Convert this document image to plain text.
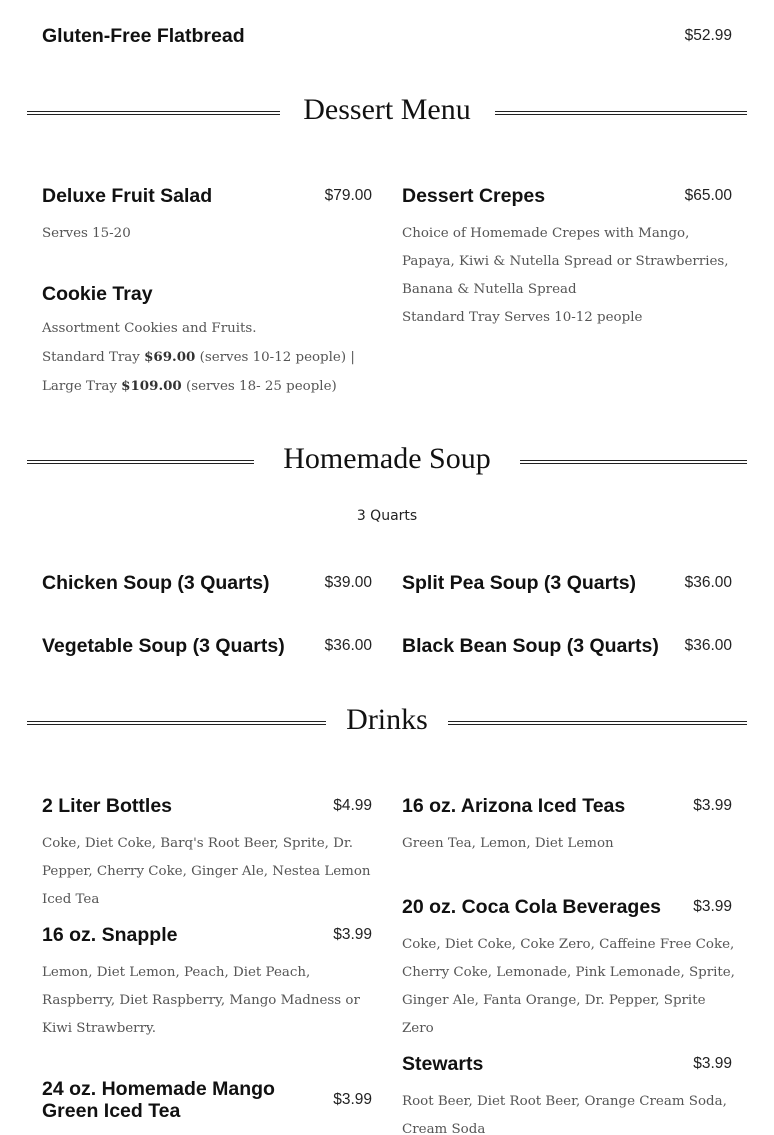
Gluten-Free Flatbread	$52.99
Dessert Menu
Deluxe Fruit Salad	$79.00
Serves 15-20
Cookie Tray
Assortment Cookies and Fruits.
Standard Tray $69.00 (serves 10-12 people) | Large Tray $109.00 (serves 18- 25 people)
Dessert Crepes	$65.00
Choice of Homemade Crepes with Mango, Papaya, Kiwi & Nutella Spread or Strawberries, Banana & Nutella Spread
Standard Tray Serves 10-12 people
Homemade Soup
3 Quarts
Chicken Soup (3 Quarts)	$39.00 Split Pea Soup (3 Quarts)	$36.00
Vegetable Soup (3 Quarts)	$36.00 Black Bean Soup (3 Quarts)	$36.00
Drinks
2 Liter Bottles	$4.99
Coke, Diet Coke, Barq's Root Beer, Sprite, Dr. Pepper, Cherry Coke, Ginger Ale, Nestea Lemon Iced Tea
16 oz. Snapple	$3.99
Lemon, Diet Lemon, Peach, Diet Peach, Raspberry, Diet Raspberry, Mango Madness or Kiwi Strawberry.
24 oz. Homemade Mango Green Iced Tea
$3.99
16 oz. Arizona Iced Teas	$3.99
Green Tea, Lemon, Diet Lemon
20 oz. Coca Cola Beverages	$3.99
Coke, Diet Coke, Coke Zero, Caffeine Free Coke, Cherry Coke, Lemonade, Pink Lemonade, Sprite, Ginger Ale, Fanta Orange, Dr. Pepper, Sprite Zero
Stewarts	$3.99
Root Beer, Diet Root Beer, Orange Cream Soda, Cream Soda
